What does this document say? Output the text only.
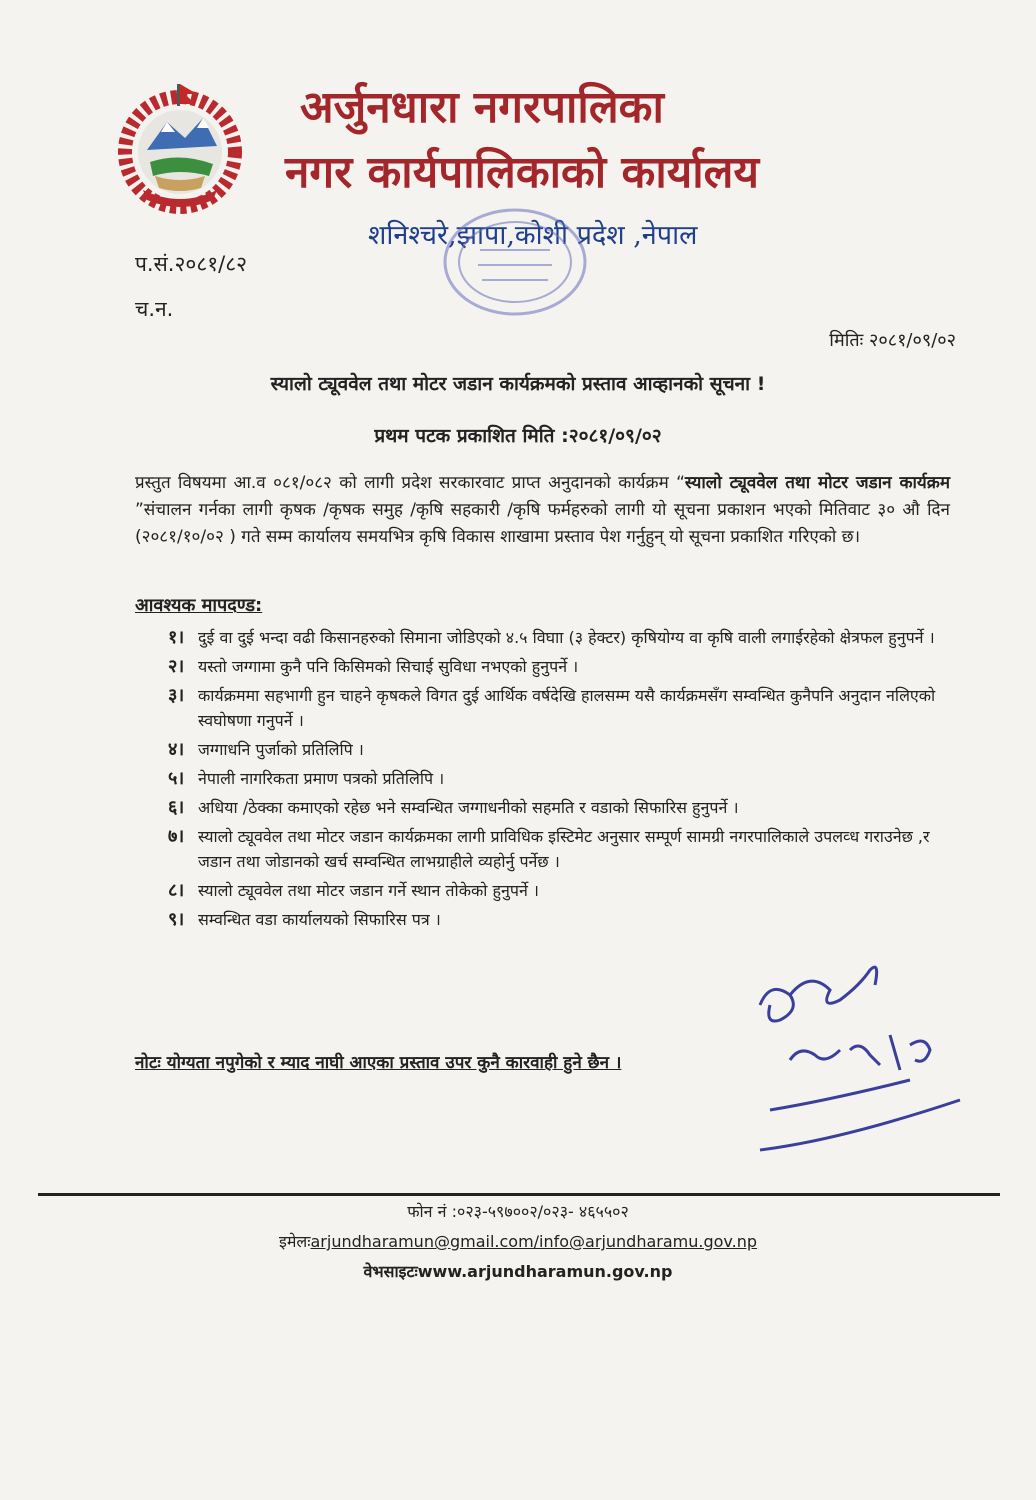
अर्जुनधारा नगरपालिका
नगर कार्यपालिकाको कार्यालय
शनिश्चरे,झापा,कोशी प्रदेश ,नेपाल
प.सं.२०८१/८२
च.न.
मितिः २०८१/०९/०२
स्यालो ट्यूववेल तथा मोटर जडान कार्यक्रमको प्रस्ताव आव्हानको सूचना !
प्रथम पटक प्रकाशित मिति :२०८१/०९/०२
प्रस्तुत विषयमा आ.व ०८१/०८२ को लागी प्रदेश सरकारवाट प्राप्त अनुदानको कार्यक्रम “स्यालो ट्यूववेल तथा मोटर जडान कार्यक्रम ”संचालन गर्नका लागी कृषक /कृषक समुह /कृषि सहकारी /कृषि फर्महरुको लागी यो सूचना प्रकाशन भएको मितिवाट ३० औ दिन (२०८१/१०/०२ ) गते सम्म कार्यालय समयभित्र कृषि विकास शाखामा प्रस्ताव पेश गर्नुहुन् यो सूचना प्रकाशित गरिएको छ।
आवश्यक मापदण्ड:
१। दुई वा दुई भन्दा वढी किसानहरुको सिमाना जोडिएको ४.५ विघाा (३ हेक्टर) कृषियोग्य वा कृषि वाली लगाईरहेको क्षेत्रफल हुनुपर्ने ।
२। यस्तो जग्गामा कुनै पनि किसिमको सिचाई सुविधा नभएको हुनुपर्ने ।
३। कार्यक्रममा सहभागी हुन चाहने कृषकले विगत दुई आर्थिक वर्षदेखि हालसम्म यसै कार्यक्रमसँग सम्वन्धित कुनैपनि अनुदान नलिएको स्वघोषणा गनुपर्ने ।
४। जग्गाधनि पुर्जाको प्रतिलिपि ।
५। नेपाली नागरिकता प्रमाण पत्रको प्रतिलिपि ।
६। अधिया /ठेक्का कमाएको रहेछ भने सम्वन्धित जग्गाधनीको सहमति र वडाको सिफारिस हुनुपर्ने ।
७। स्यालो ट्यूववेल तथा मोटर जडान कार्यक्रमका लागी प्राविधिक इस्टिमेट अनुसार सम्पूर्ण सामग्री नगरपालिकाले उपलव्ध गराउनेछ ,र जडान तथा जोडानको खर्च सम्वन्धित लाभग्राहीले व्यहोर्नु पर्नेछ ।
८। स्यालो ट्यूववेल तथा मोटर जडान गर्ने स्थान तोकेको हुनुपर्ने ।
९। सम्वन्धित वडा कार्यालयको सिफारिस पत्र ।
नोटः योग्यता नपुगेको र म्याद नाघी आएका प्रस्ताव उपर कुनै कारवाही हुने छैन ।
फोन नं :०२३-५९७००२/०२३- ४६५५०२
इमेलःarjundharamun@gmail.com/info@arjundharamu.gov.np
वेभसाइटःwww.arjundharamun.gov.np
